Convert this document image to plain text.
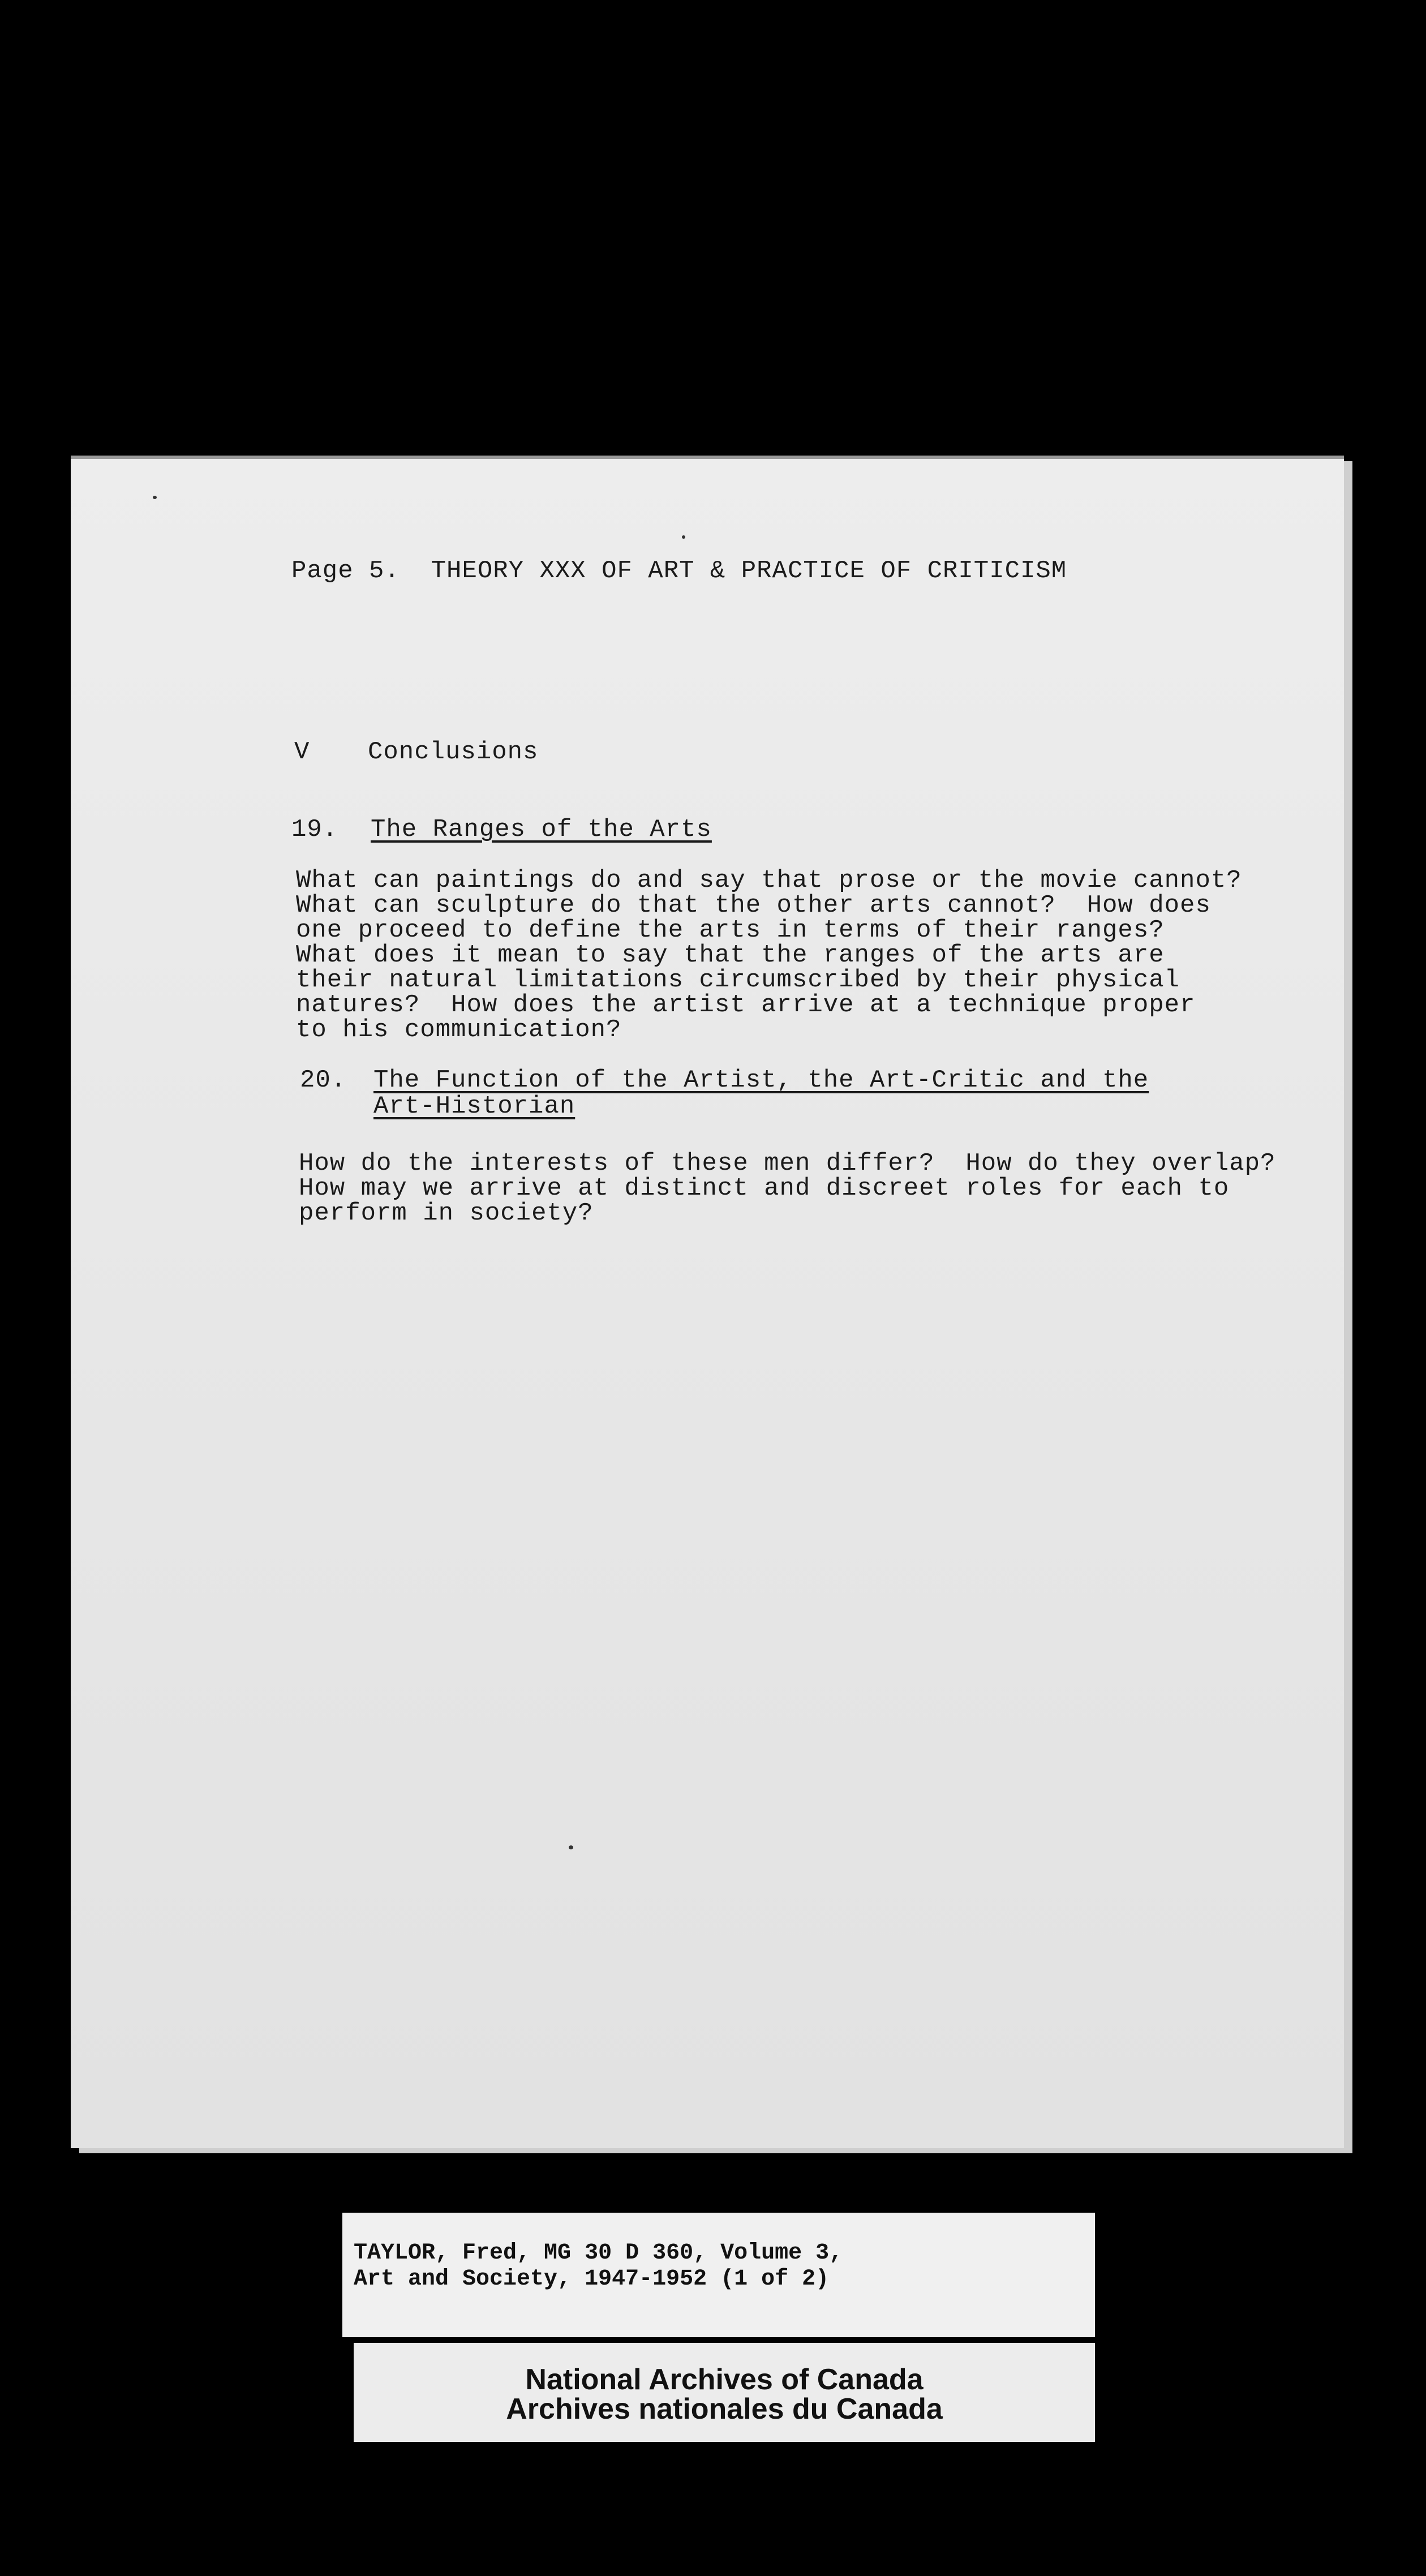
Page 5.  THEORY XXX OF ART & PRACTICE OF CRITICISM
V Conclusions
19. The Ranges of the Arts
What can paintings do and say that prose or the movie cannot?
What can sculpture do that the other arts cannot?  How does
one proceed to define the arts in terms of their ranges?
What does it mean to say that the ranges of the arts are
their natural limitations circumscribed by their physical
natures?  How does the artist arrive at a technique proper
to his communication?
20. The Function of the Artist, the Art-Critic and the
Art-Historian
How do the interests of these men differ?  How do they overlap?
How may we arrive at distinct and discreet roles for each to
perform in society?
TAYLOR, Fred, MG 30 D 360, Volume 3,
Art and Society, 1947-1952 (1 of 2)
National Archives of Canada
Archives nationales du Canada
